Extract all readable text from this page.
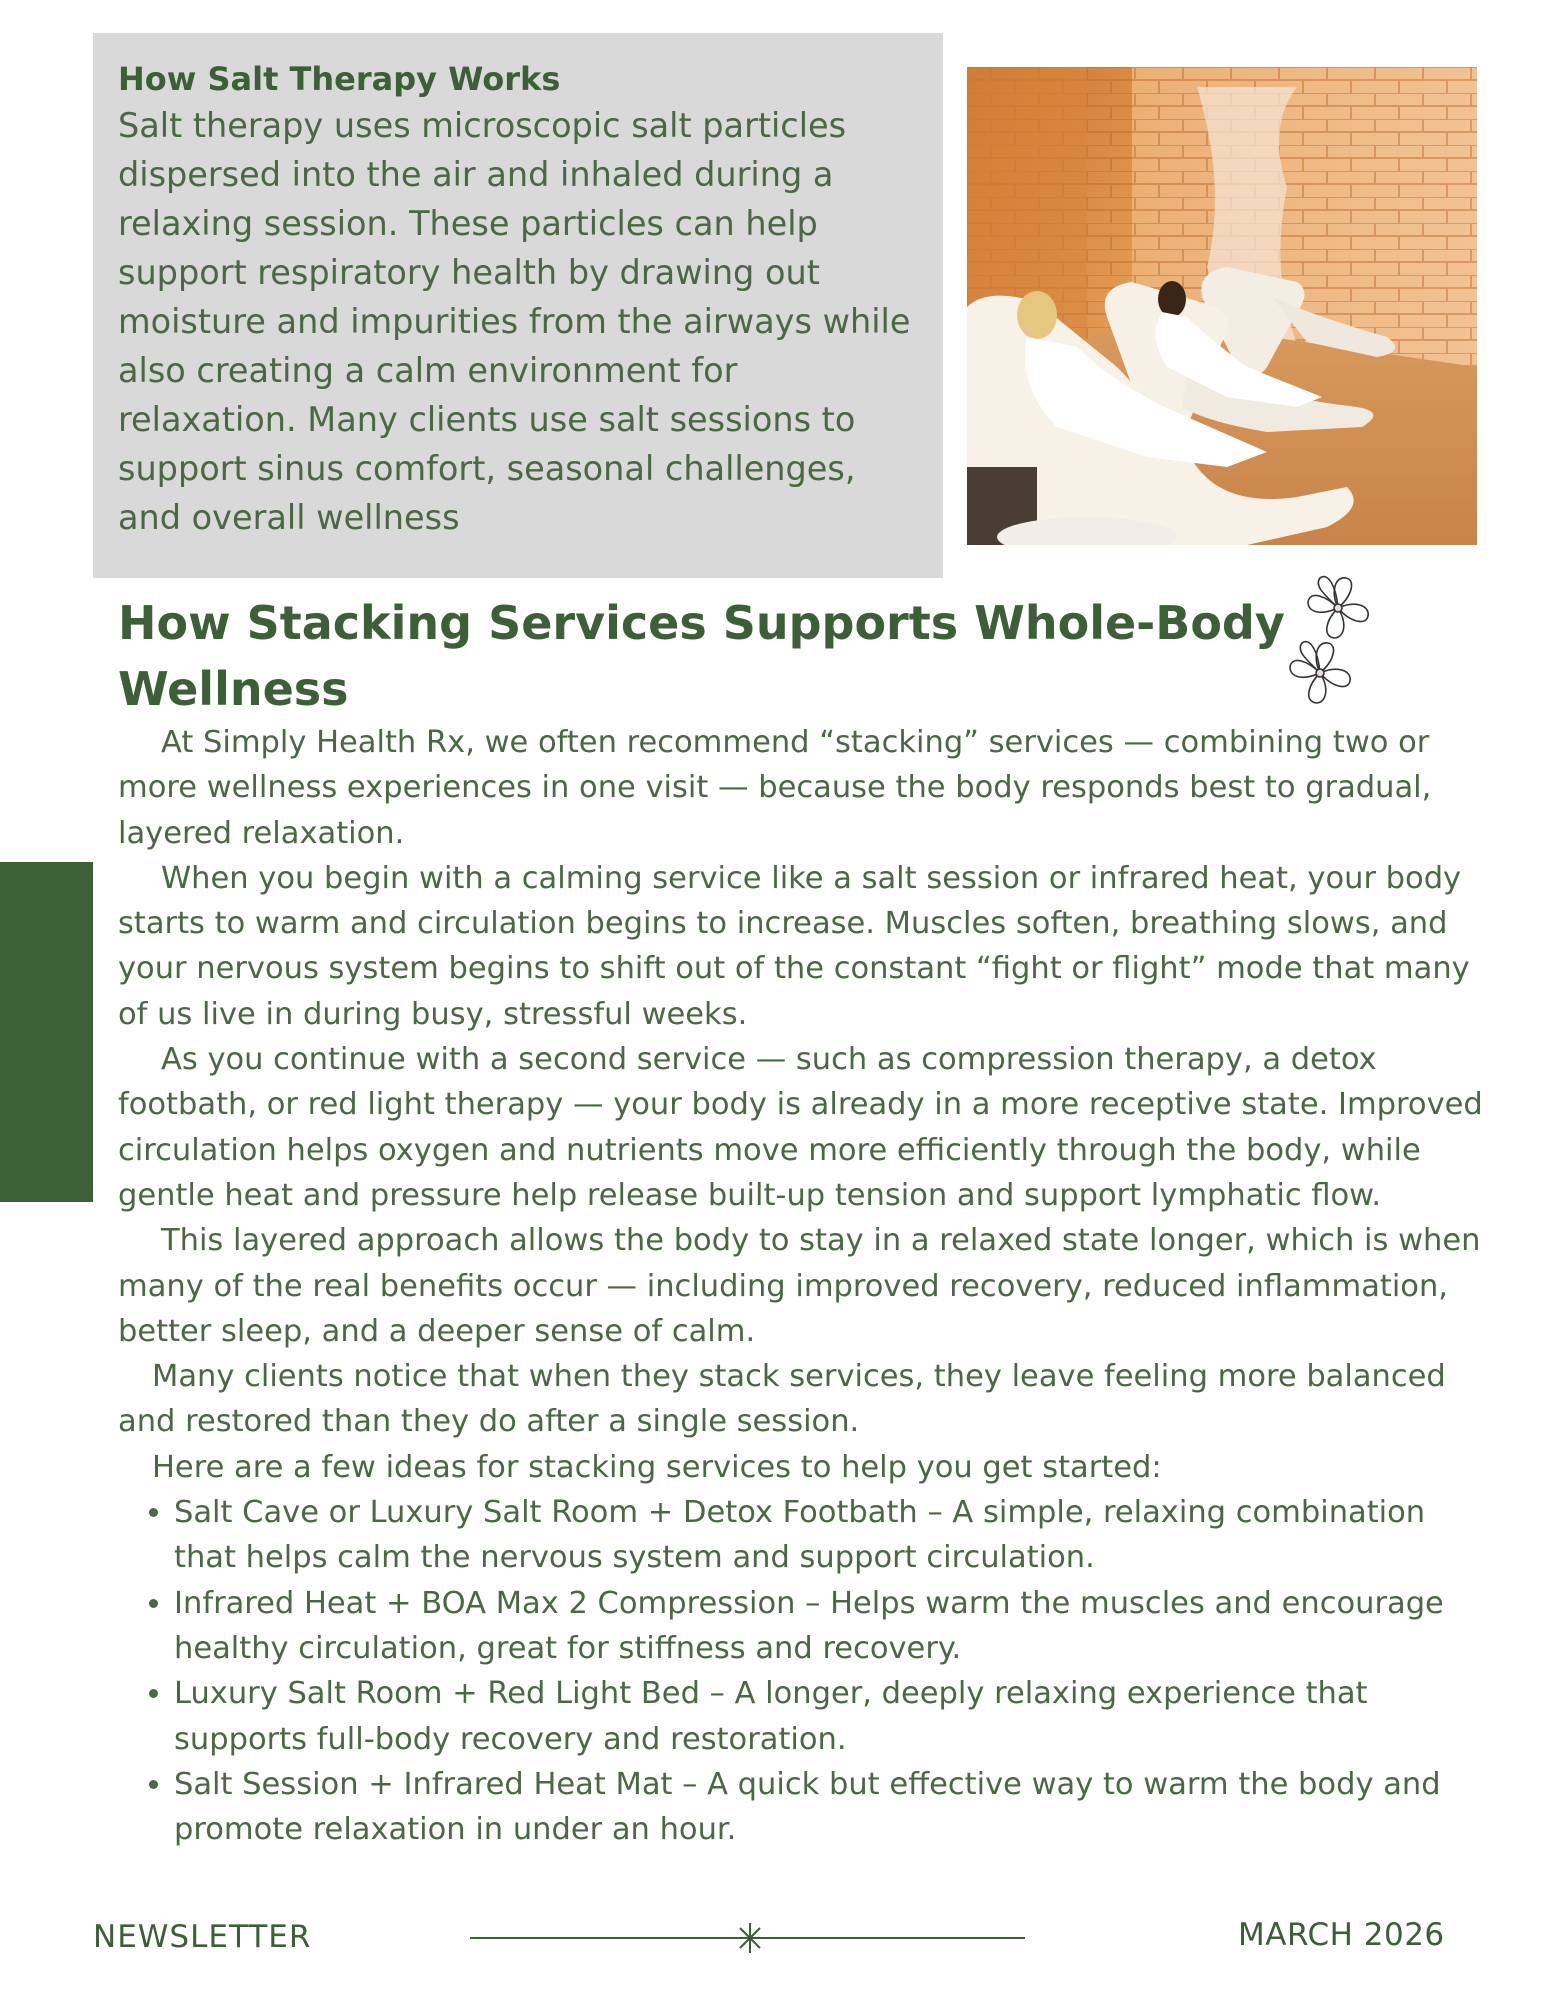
How Salt Therapy Works

Salt therapy uses microscopic salt particles dispersed into the air and inhaled during a relaxing session. These particles can help support respiratory health by drawing out moisture and impurities from the airways while also creating a calm environment for relaxation. Many clients use salt sessions to support sinus comfort, seasonal challenges, and overall wellness

How Stacking Services Supports Whole-Body Wellness

At Simply Health Rx, we often recommend “stacking” services — combining two or more wellness experiences in one visit — because the body responds best to gradual, layered relaxation.

When you begin with a calming service like a salt session or infrared heat, your body starts to warm and circulation begins to increase. Muscles soften, breathing slows, and your nervous system begins to shift out of the constant “fight or flight” mode that many of us live in during busy, stressful weeks.

As you continue with a second service — such as compression therapy, a detox footbath, or red light therapy — your body is already in a more receptive state. Improved circulation helps oxygen and nutrients move more efficiently through the body, while gentle heat and pressure help release built-up tension and support lymphatic flow.

This layered approach allows the body to stay in a relaxed state longer, which is when many of the real benefits occur — including improved recovery, reduced inflammation, better sleep, and a deeper sense of calm.

Many clients notice that when they stack services, they leave feeling more balanced and restored than they do after a single session.

Here are a few ideas for stacking services to help you get started:

• Salt Cave or Luxury Salt Room + Detox Footbath – A simple, relaxing combination that helps calm the nervous system and support circulation.
• Infrared Heat + BOA Max 2 Compression – Helps warm the muscles and encourage healthy circulation, great for stiffness and recovery.
• Luxury Salt Room + Red Light Bed – A longer, deeply relaxing experience that supports full-body recovery and restoration.
• Salt Session + Infrared Heat Mat – A quick but effective way to warm the body and promote relaxation in under an hour.
NEWSLETTER	MARCH 2026
